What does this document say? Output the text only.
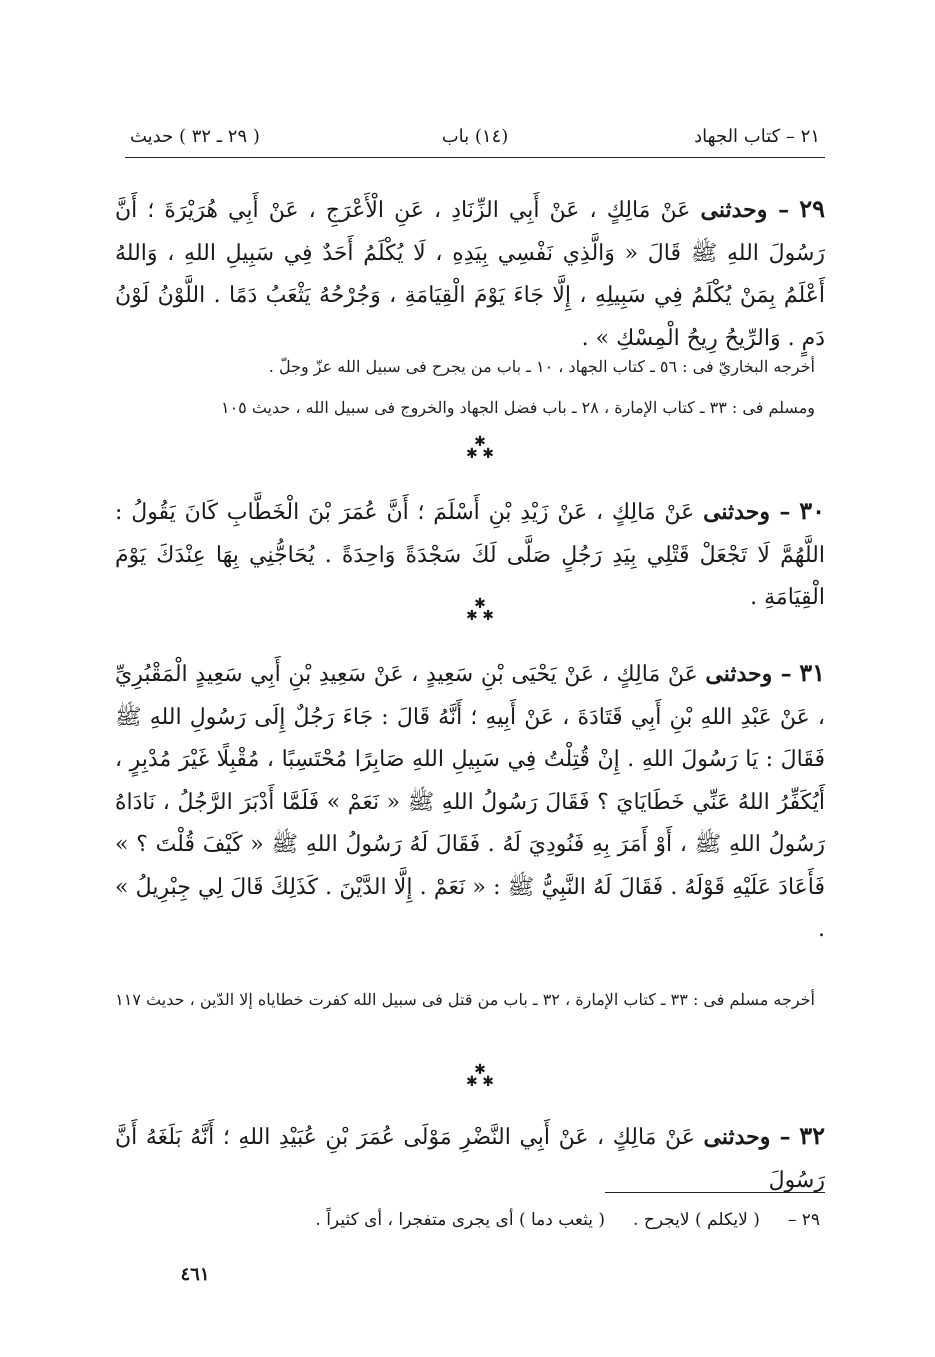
٢١ – كتاب الجهاد
(١٤) باب
( ٢٩ ـ ٣٢ ) حديث
٢٩ – وحدثنى عَنْ مَالِكٍ ، عَنْ أَبِي الزِّنَادِ ، عَنِ الْأَعْرَجِ ، عَنْ أَبِي هُرَيْرَةَ ؛ أَنَّ رَسُولَ اللهِ ﷺ قَالَ « وَالَّذِي نَفْسِي بِيَدِهِ ، لَا يُكْلَمُ أَحَدٌ فِي سَبِيلِ اللهِ ، وَاللهُ أَعْلَمُ بِمَنْ يُكْلَمُ فِي سَبِيلِهِ ، إِلَّا جَاءَ يَوْمَ الْقِيَامَةِ ، وَجُرْحُهُ يَثْعَبُ دَمًا . اللَّوْنُ لَوْنُ دَمٍ . وَالرِّيحُ رِيحُ الْمِسْكِ » .
أخرجه البخاريّ فى : ٥٦ ـ كتاب الجهاد ، ١٠ ـ باب من يجرح فى سبيل الله عزّ وجلّ .
ومسلم فى : ٣٣ ـ كتاب الإمارة ، ٢٨ ـ باب فضل الجهاد والخروج فى سبيل الله ، حديث ١٠٥
✱
✱ ✱
٣٠ – وحدثنى عَنْ مَالِكٍ ، عَنْ زَيْدِ بْنِ أَسْلَمَ ؛ أَنَّ عُمَرَ بْنَ الْخَطَّابِ كَانَ يَقُولُ : اللَّهُمَّ لَا تَجْعَلْ قَتْلِي بِيَدِ رَجُلٍ صَلَّى لَكَ سَجْدَةً وَاحِدَةً . يُحَاجُّنِي بِهَا عِنْدَكَ يَوْمَ الْقِيَامَةِ .
✱
✱ ✱
٣١ – وحدثنى عَنْ مَالِكٍ ، عَنْ يَحْيَى بْنِ سَعِيدٍ ، عَنْ سَعِيدِ بْنِ أَبِي سَعِيدٍ الْمَقْبُرِيِّ ، عَنْ عَبْدِ اللهِ بْنِ أَبِي قَتَادَةَ ، عَنْ أَبِيهِ ؛ أَنَّهُ قَالَ : جَاءَ رَجُلٌ إِلَى رَسُولِ اللهِ ﷺ فَقَالَ : يَا رَسُولَ اللهِ . إِنْ قُتِلْتُ فِي سَبِيلِ اللهِ صَابِرًا مُحْتَسِبًا ، مُقْبِلًا غَيْرَ مُدْبِرٍ ، أَيُكَفِّرُ اللهُ عَنِّي خَطَايَايَ ؟ فَقَالَ رَسُولُ اللهِ ﷺ « نَعَمْ » فَلَمَّا أَدْبَرَ الرَّجُلُ ، نَادَاهُ رَسُولُ اللهِ ﷺ ، أَوْ أَمَرَ بِهِ فَنُودِيَ لَهُ . فَقَالَ لَهُ رَسُولُ اللهِ ﷺ « كَيْفَ قُلْتَ ؟ » فَأَعَادَ عَلَيْهِ قَوْلَهُ . فَقَالَ لَهُ النَّبِيُّ ﷺ : « نَعَمْ . إِلَّا الدَّيْنَ . كَذَلِكَ قَالَ لِي جِبْرِيلُ » .
أخرجه مسلم فى : ٣٣ ـ كتاب الإمارة ، ٣٢ ـ باب من قتل فى سبيل الله كفرت خطاياه إلا الدّين ، حديث ١١٧
✱
✱ ✱
٣٢ – وحدثنى عَنْ مَالِكٍ ، عَنْ أَبِي النَّضْرِ مَوْلَى عُمَرَ بْنِ عُبَيْدِ اللهِ ؛ أَنَّهُ بَلَغَهُ أَنَّ رَسُولَ
٢٩ –( لايكلم ) لايجرح .( يثعب دما ) أى يجرى متفجرا ، أى كثيراً .
٤٦١
